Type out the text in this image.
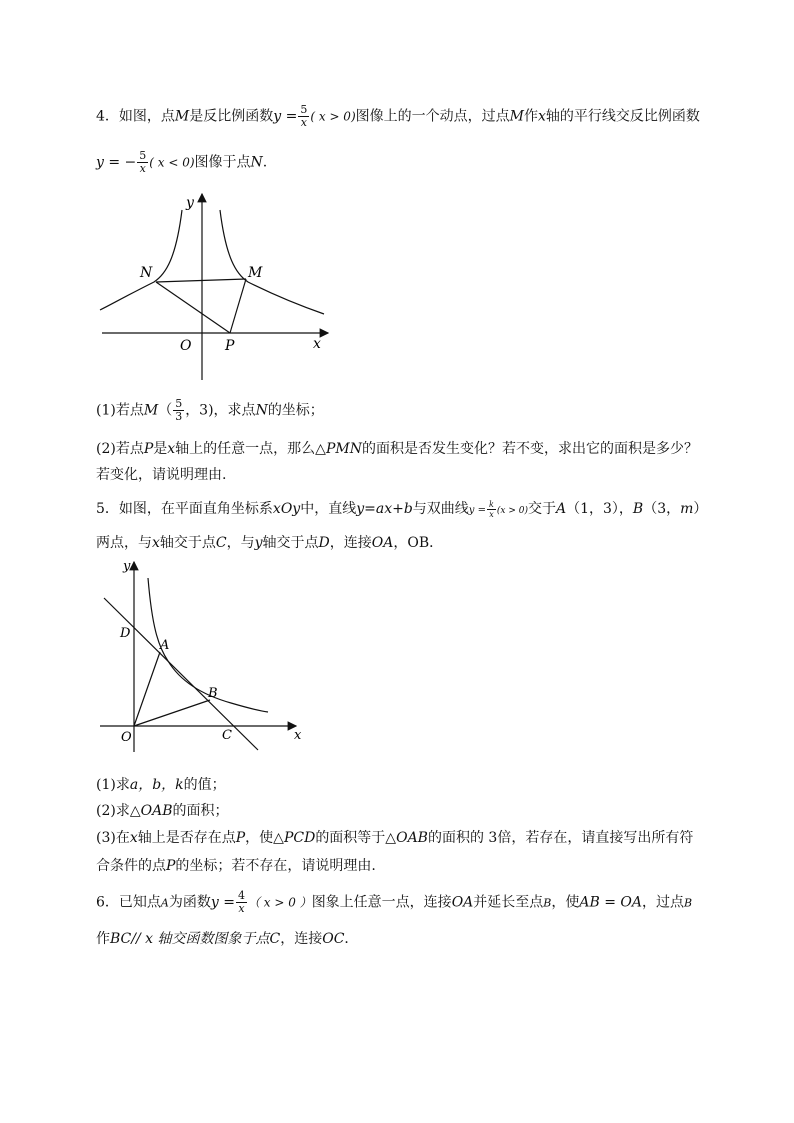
4．如图，点M是反比例函数$y = \frac{5}{x}$ ( x > 0)图像上的一个动点，过点M作x轴的平行线交反比例函数
y = − $\frac{5}{x}$ ( x < 0)图像于点N.
y
x
O P
N	M
(1)若点$M( \frac{5}{3}$ ，3)，求点N的坐标；
(2)若点P是x轴上的任意一点，那么△PMN的面积是否发生变化？若不变，求出它的面积是多少？
若变化，请说明理由.
5．如图，在平面直角坐标系xOy中，直线y=ax+b与双曲线$y = \frac{k}{x} (x > 0)$交于A（1，3），B（3，m）
两点，与x轴交于点C，与y轴交于点D，连接OA，OB．
y
x
O	C
D
A
B
(1)求a，b，k的值；
(2)求△OAB的面积；
(3)在x轴上是否存在点P，使△PCD的面积等于△OAB的面积的 3倍，若存在，请直接写出所有符
合条件的点P的坐标；若不存在，请说明理由.
6．已知点A为函数$y = \frac{4}{x}$ （ x > 0 ）图象上任意一点，连接OA并延长至点B，使AB = OA，过点B
作BC// x 轴交函数图象于点C，连接OC．
